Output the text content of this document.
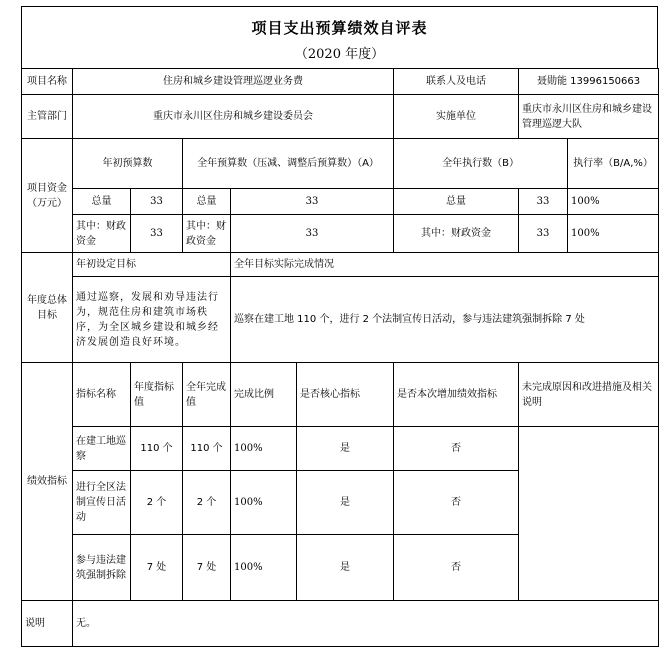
项目支出预算绩效自评表
（2020 年度）
项目名称	住房和城乡建设管理巡逻业务费					联系人及电话	聂勋能 13996150663	
主管部门	重庆市永川区住房和城乡建设委员会					实施单位	重庆市永川区住房和城乡建设管理巡逻大队	
项目资金（万元）	年初预算数		全年预算数（压减、调整后预算数）（A）			全年执行数（B）		执行率（B/A,%）
	总量	33	总量	33		总量	33	100%
	其中：财政资金	33	其中：财政资金	33		其中：财政资金	33	100%
年度总体目标	年初设定目标			全年目标实际完成情况				
	通过巡察，发展和劝导违法行为，规范住房和建筑市场秩序，为全区城乡建设和城乡经济发展创造良好环境。			巡察在建工地 110 个，进行 2 个法制宣传日活动，参与违法建筑强制拆除 7 处				
绩效指标	指标名称	年度指标值	全年完成值	完成比例	是否核心指标	是否本次增加绩效指标	未完成原因和改进措施及相关说明	
	在建工地巡察	110 个	110 个	100%	是	否		
	进行全区法制宣传日活动	2 个	2 个	100%	是	否		
	参与违法建筑强制拆除	7 处	7 处	100%	是	否		
说明	无。							
